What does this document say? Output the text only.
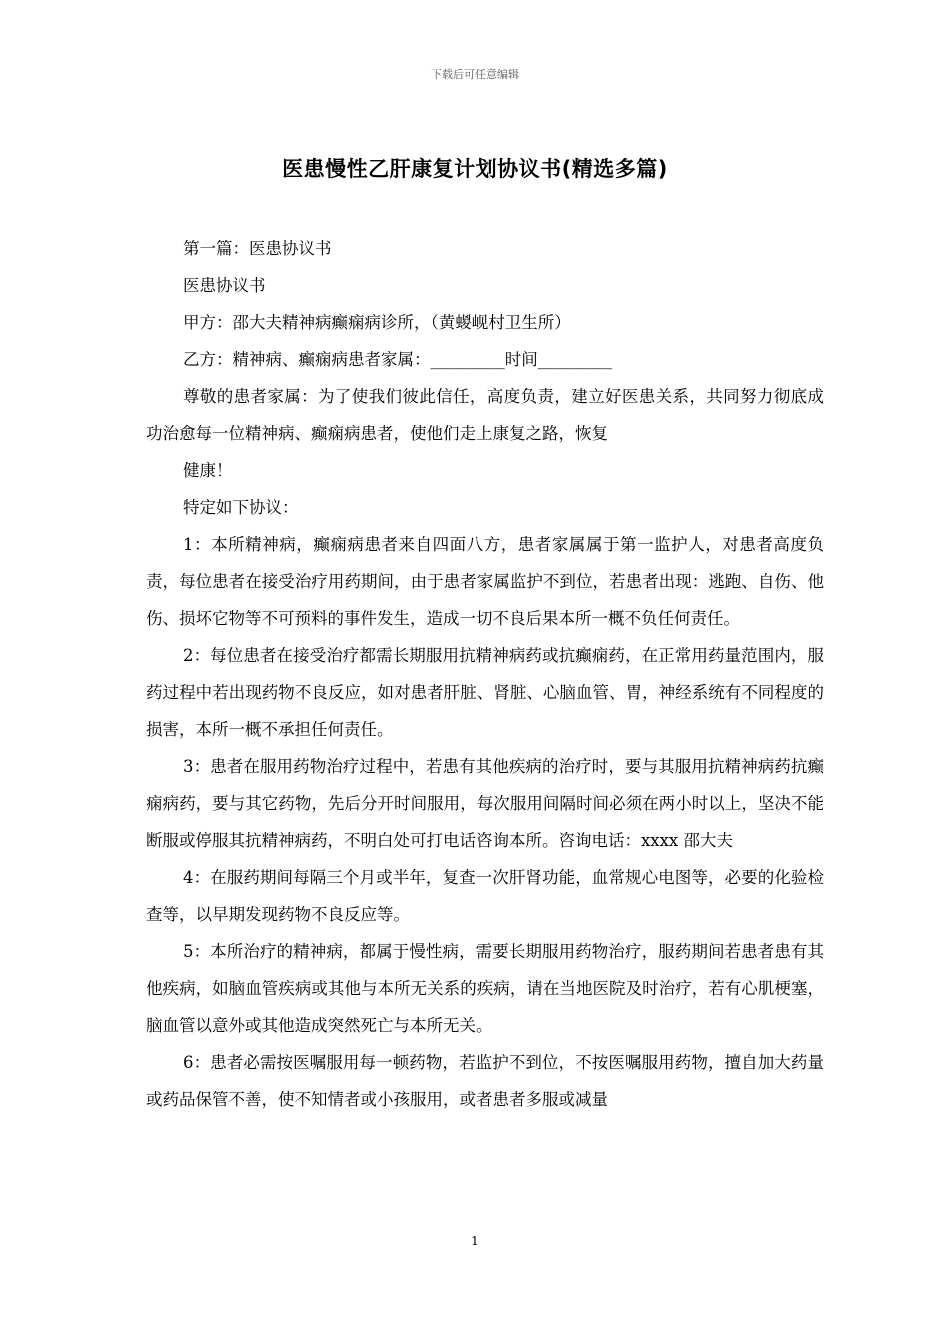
下载后可任意编辑
医患慢性乙肝康复计划协议书(精选多篇)

第一篇：医患协议书

医患协议书

甲方：邵大夫精神病癫痫病诊所，（黄蝬岘村卫生所）

乙方：精神病、癫痫病患者家属：_________时间_________

尊敬的患者家属：为了使我们彼此信任，高度负责，建立好医患关系，共同努力彻底成功治愈每一位精神病、癫痫病患者，使他们走上康复之路，恢复

健康！

特定如下协议：

1：本所精神病，癫痫病患者来自四面八方，患者家属属于第一监护人，对患者高度负责，每位患者在接受治疗用药期间，由于患者家属监护不到位，若患者出现：逃跑、自伤、他伤、损坏它物等不可预料的事件发生，造成一切不良后果本所一概不负任何责任。

2：每位患者在接受治疗都需长期服用抗精神病药或抗癫痫药，在正常用药量范围内，服药过程中若出现药物不良反应，如对患者肝脏、肾脏、心脑血管、胃，神经系统有不同程度的损害，本所一概不承担任何责任。

3：患者在服用药物治疗过程中，若患有其他疾病的治疗时，要与其服用抗精神病药抗癫痫病药，要与其它药物，先后分开时间服用，每次服用间隔时间必须在两小时以上，坚决不能断服或停服其抗精神病药，不明白处可打电话咨询本所。咨询电话：xxxx 邵大夫

4：在服药期间每隔三个月或半年，复查一次肝肾功能，血常规心电图等，必要的化验检查等，以早期发现药物不良反应等。

5：本所治疗的精神病，都属于慢性病，需要长期服用药物治疗，服药期间若患者患有其他疾病，如脑血管疾病或其他与本所无关系的疾病，请在当地医院及时治疗，若有心肌梗塞，脑血管以意外或其他造成突然死亡与本所无关。

6：患者必需按医嘱服用每一顿药物，若监护不到位，不按医嘱服用药物，擅自加大药量或药品保管不善，使不知情者或小孩服用，或者患者多服或减量

1
